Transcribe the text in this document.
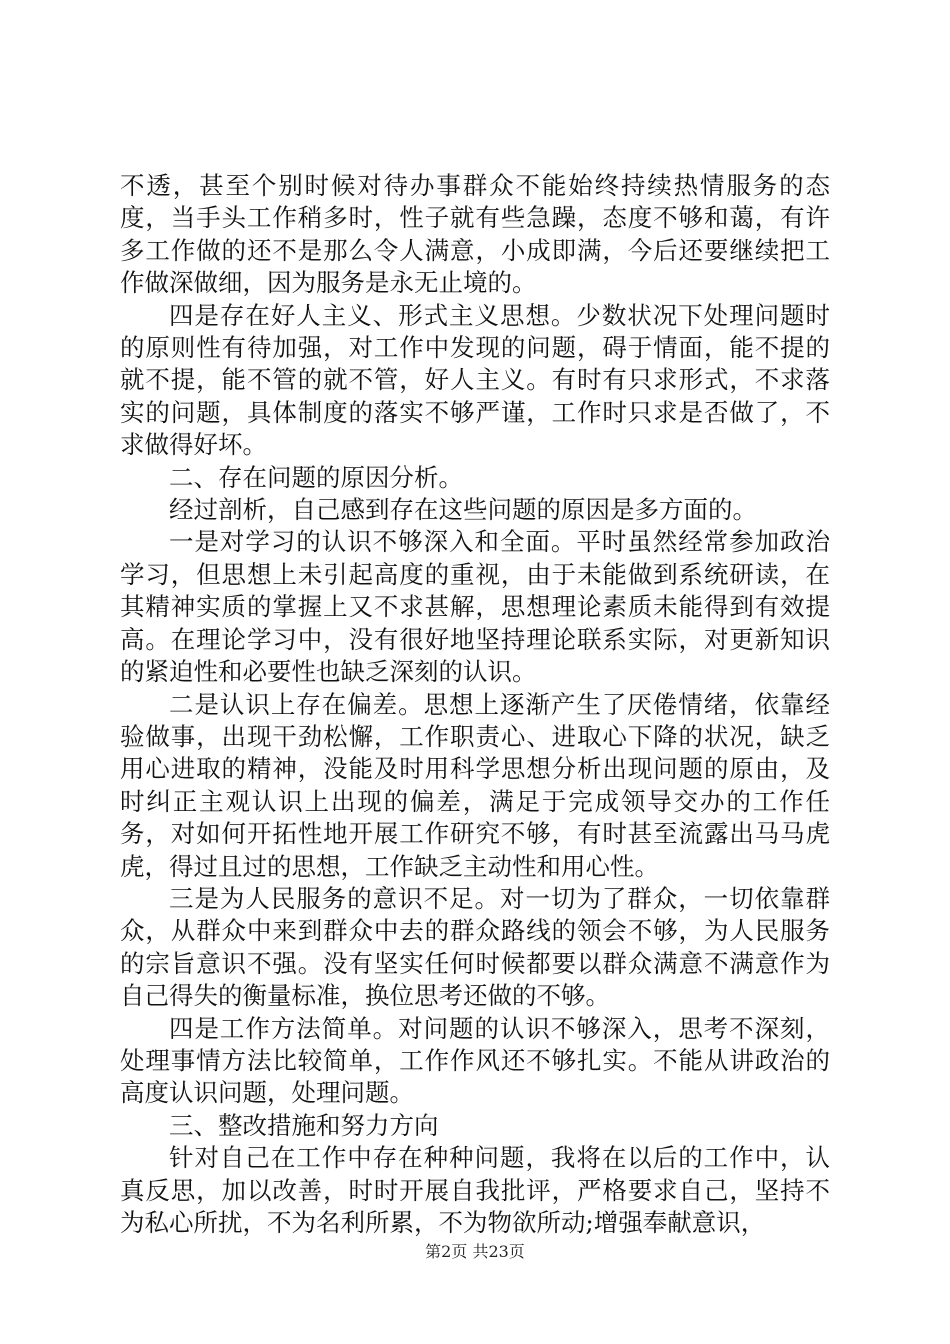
不透，甚至个别时候对待办事群众不能始终持续热情服务的态度，当手头工作稍多时，性子就有些急躁，态度不够和蔼，有许多工作做的还不是那么令人满意，小成即满，今后还要继续把工作做深做细，因为服务是永无止境的。

四是存在好人主义、形式主义思想。少数状况下处理问题时的原则性有待加强，对工作中发现的问题，碍于情面，能不提的就不提，能不管的就不管，好人主义。有时有只求形式，不求落实的问题，具体制度的落实不够严谨，工作时只求是否做了，不求做得好坏。

二、存在问题的原因分析。

经过剖析，自己感到存在这些问题的原因是多方面的。

一是对学习的认识不够深入和全面。平时虽然经常参加政治学习，但思想上未引起高度的重视，由于未能做到系统研读，在其精神实质的掌握上又不求甚解，思想理论素质未能得到有效提高。在理论学习中，没有很好地坚持理论联系实际，对更新知识的紧迫性和必要性也缺乏深刻的认识。

二是认识上存在偏差。思想上逐渐产生了厌倦情绪，依靠经验做事，出现干劲松懈，工作职责心、进取心下降的状况，缺乏用心进取的精神，没能及时用科学思想分析出现问题的原由，及时纠正主观认识上出现的偏差，满足于完成领导交办的工作任务，对如何开拓性地开展工作研究不够，有时甚至流露出马马虎虎，得过且过的思想，工作缺乏主动性和用心性。

三是为人民服务的意识不足。对一切为了群众，一切依靠群众，从群众中来到群众中去的群众路线的领会不够，为人民服务的宗旨意识不强。没有坚实任何时候都要以群众满意不满意作为自己得失的衡量标准，换位思考还做的不够。

四是工作方法简单。对问题的认识不够深入，思考不深刻，处理事情方法比较简单，工作作风还不够扎实。不能从讲政治的高度认识问题，处理问题。

三、整改措施和努力方向

针对自己在工作中存在种种问题，我将在以后的工作中，认真反思，加以改善，时时开展自我批评，严格要求自己，坚持不为私心所扰，不为名利所累，不为物欲所动;增强奉献意识，

第2页 共23页
